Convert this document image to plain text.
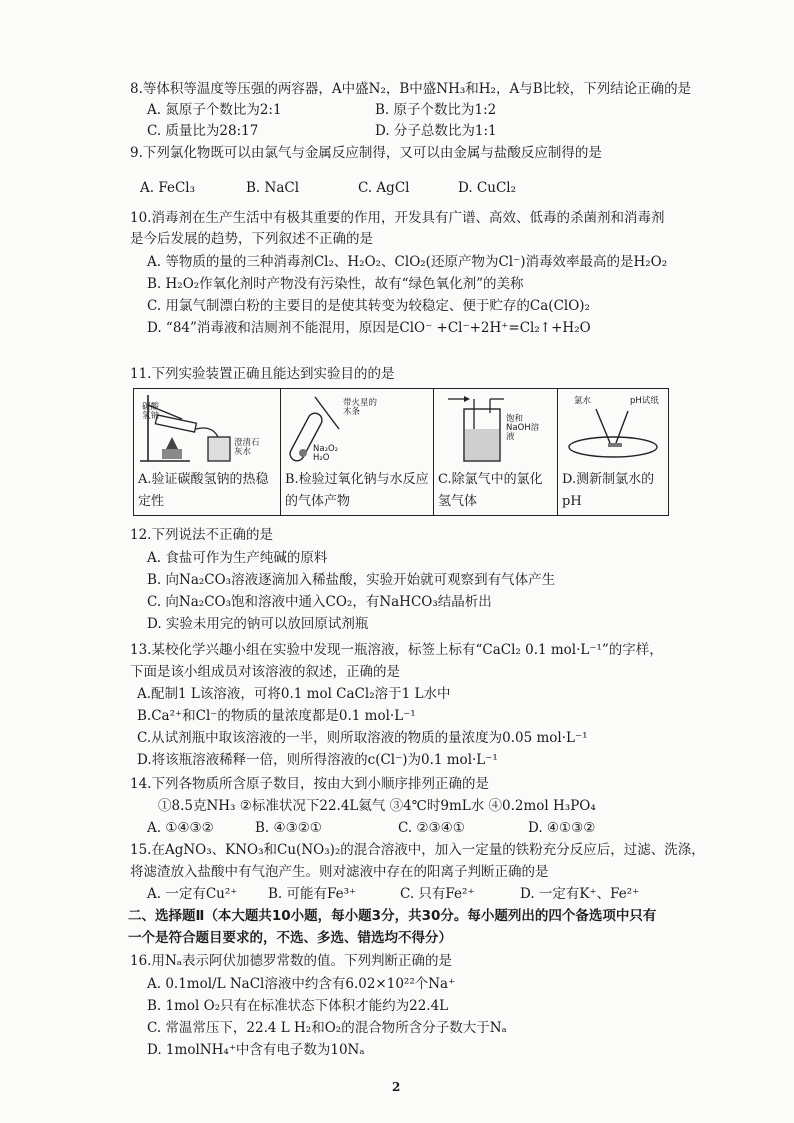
8.等体积等温度等压强的两容器，A中盛N₂，B中盛NH₃和H₂，A与B比较，下列结论正确的是
A. 氮原子个数比为2:1	B. 原子个数比为1:2
C. 质量比为28:17	D. 分子总数比为1:1
9.下列氯化物既可以由氯气与金属反应制得，又可以由金属与盐酸反应制得的是
A. FeCl₃	B. NaCl	C. AgCl	D. CuCl₂
10.消毒剂在生产生活中有极其重要的作用，开发具有广谱、高效、低毒的杀菌剂和消毒剂
是今后发展的趋势，下列叙述不正确的是
A. 等物质的量的三种消毒剂Cl₂、H₂O₂、ClO₂(还原产物为Cl⁻)消毒效率最高的是H₂O₂
B. H₂O₂作氧化剂时产物没有污染性，故有“绿色氧化剂”的美称
C. 用氯气制漂白粉的主要目的是使其转变为较稳定、便于贮存的Ca(ClO)₂
D. “84”消毒液和洁厕剂不能混用，原因是ClO⁻ +Cl⁻+2H⁺=Cl₂↑+H₂O
11.下列实验装置正确且能达到实验目的的是
碳酸氢钠
澄清石灰水
A.验证碳酸氢钠的热稳定性

带火星的木条
Na₂O₂ H₂O
B.检验过氧化钠与水反应的气体产物

饱和NaOH溶液
C.除氯气中的氯化氢气体

氯水	pH试纸
D.测新制氯水的pH
12.下列说法不正确的是
A. 食盐可作为生产纯碱的原料
B. 向Na₂CO₃溶液逐滴加入稀盐酸，实验开始就可观察到有气体产生
C. 向Na₂CO₃饱和溶液中通入CO₂，有NaHCO₃结晶析出
D. 实验未用完的钠可以放回原试剂瓶
13.某校化学兴趣小组在实验中发现一瓶溶液，标签上标有“CaCl₂ 0.1 mol·L⁻¹”的字样，
下面是该小组成员对该溶液的叙述，正确的是
A.配制1 L该溶液，可将0.1 mol CaCl₂溶于1 L水中
B.Ca²⁺和Cl⁻的物质的量浓度都是0.1 mol·L⁻¹
C.从试剂瓶中取该溶液的一半，则所取溶液的物质的量浓度为0.05 mol·L⁻¹
D.将该瓶溶液稀释一倍，则所得溶液的c(Cl⁻)为0.1 mol·L⁻¹
14.下列各物质所含原子数目，按由大到小顺序排列正确的是
①8.5克NH₃ ②标准状况下22.4L氦气 ③4℃时9mL水 ④0.2mol H₃PO₄
A. ①④③②	B. ④③②①	C. ②③④①	D. ④①③②
15.在AgNO₃、KNO₃和Cu(NO₃)₂的混合溶液中，加入一定量的铁粉充分反应后，过滤、洗涤，
将滤渣放入盐酸中有气泡产生。则对滤液中存在的阳离子判断正确的是
A. 一定有Cu²⁺ B. 可能有Fe³⁺	C. 只有Fe²⁺	D. 一定有K⁺、Fe²⁺
二、选择题Ⅱ（本大题共10小题，每小题3分，共30分。每小题列出的四个备选项中只有
一个是符合题目要求的，不选、多选、错选均不得分）
16.用Nₐ表示阿伏加德罗常数的值。下列判断正确的是
A. 0.1mol/L NaCl溶液中约含有6.02×10²²个Na⁺
B. 1mol O₂只有在标准状态下体积才能约为22.4L
C. 常温常压下，22.4 L H₂和O₂的混合物所含分子数大于Nₐ
D. 1molNH₄⁺中含有电子数为10Nₐ
2
